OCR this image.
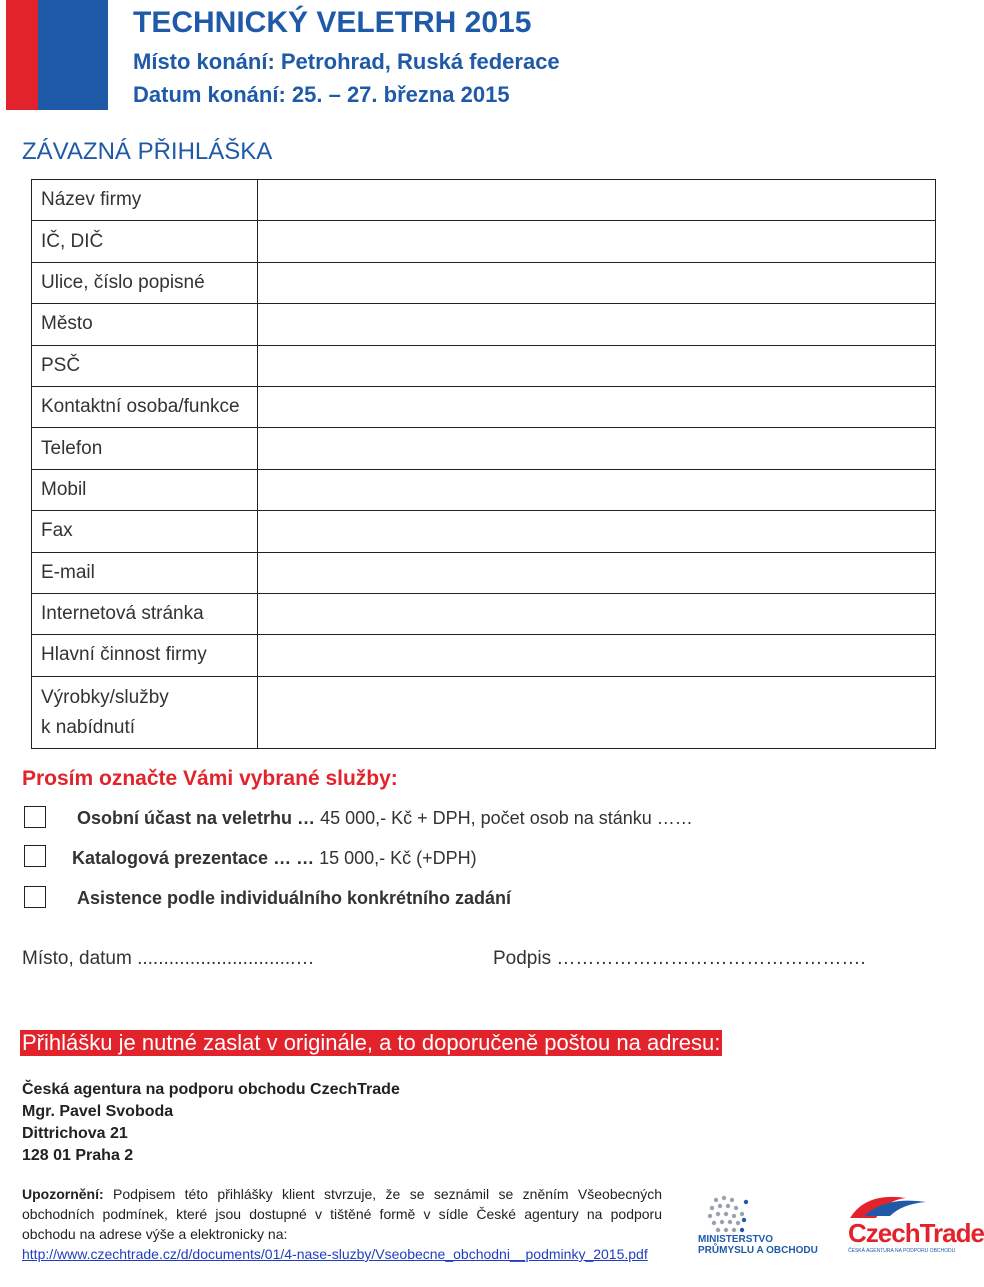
TECHNICKÝ VELETRH 2015
Místo konání: Petrohrad, Ruská federace
Datum konání: 25. – 27. března 2015
ZÁVAZNÁ PŘIHLÁŠKA
Název firmy	
IČ, DIČ	
Ulice, číslo popisné	
Město	
PSČ	
Kontaktní osoba/funkce	
Telefon	
Mobil	
Fax	
E-mail	
Internetová stránka	
Hlavní činnost firmy	

Výrobky/služby
k nabídnutí	

Prosím označte Vámi vybrané služby:
Osobní účast na veletrhu … 45 000,- Kč + DPH, počet osob na stánku ……
Katalogová prezentace … … 15 000,- Kč (+DPH)
Asistence podle individuálního konkrétního zadání
Místo, datum ..............................…	Podpis ………………………………………….
Přihlášku je nutné zaslat v originále, a to doporučeně poštou na adresu:
Česká agentura na podporu obchodu CzechTrade
Mgr. Pavel Svoboda
Dittrichova 21
128 01 Praha 2
Upozornění: Podpisem této přihlášky klient stvrzuje, že se seznámil se zněním Všeobecných obchodních podmínek, které jsou dostupné v tištěné formě v sídle České agentury na podporu obchodu na adrese výše a elektronicky na:
http://www.czechtrade.cz/d/documents/01/4-nase-sluzby/Vseobecne_obchodni__podminky_2015.pdf
MINISTERSTVO
PRŮMYSLU A OBCHODU
CzechTrade
ČESKÁ AGENTURA NA PODPORU OBCHODU
